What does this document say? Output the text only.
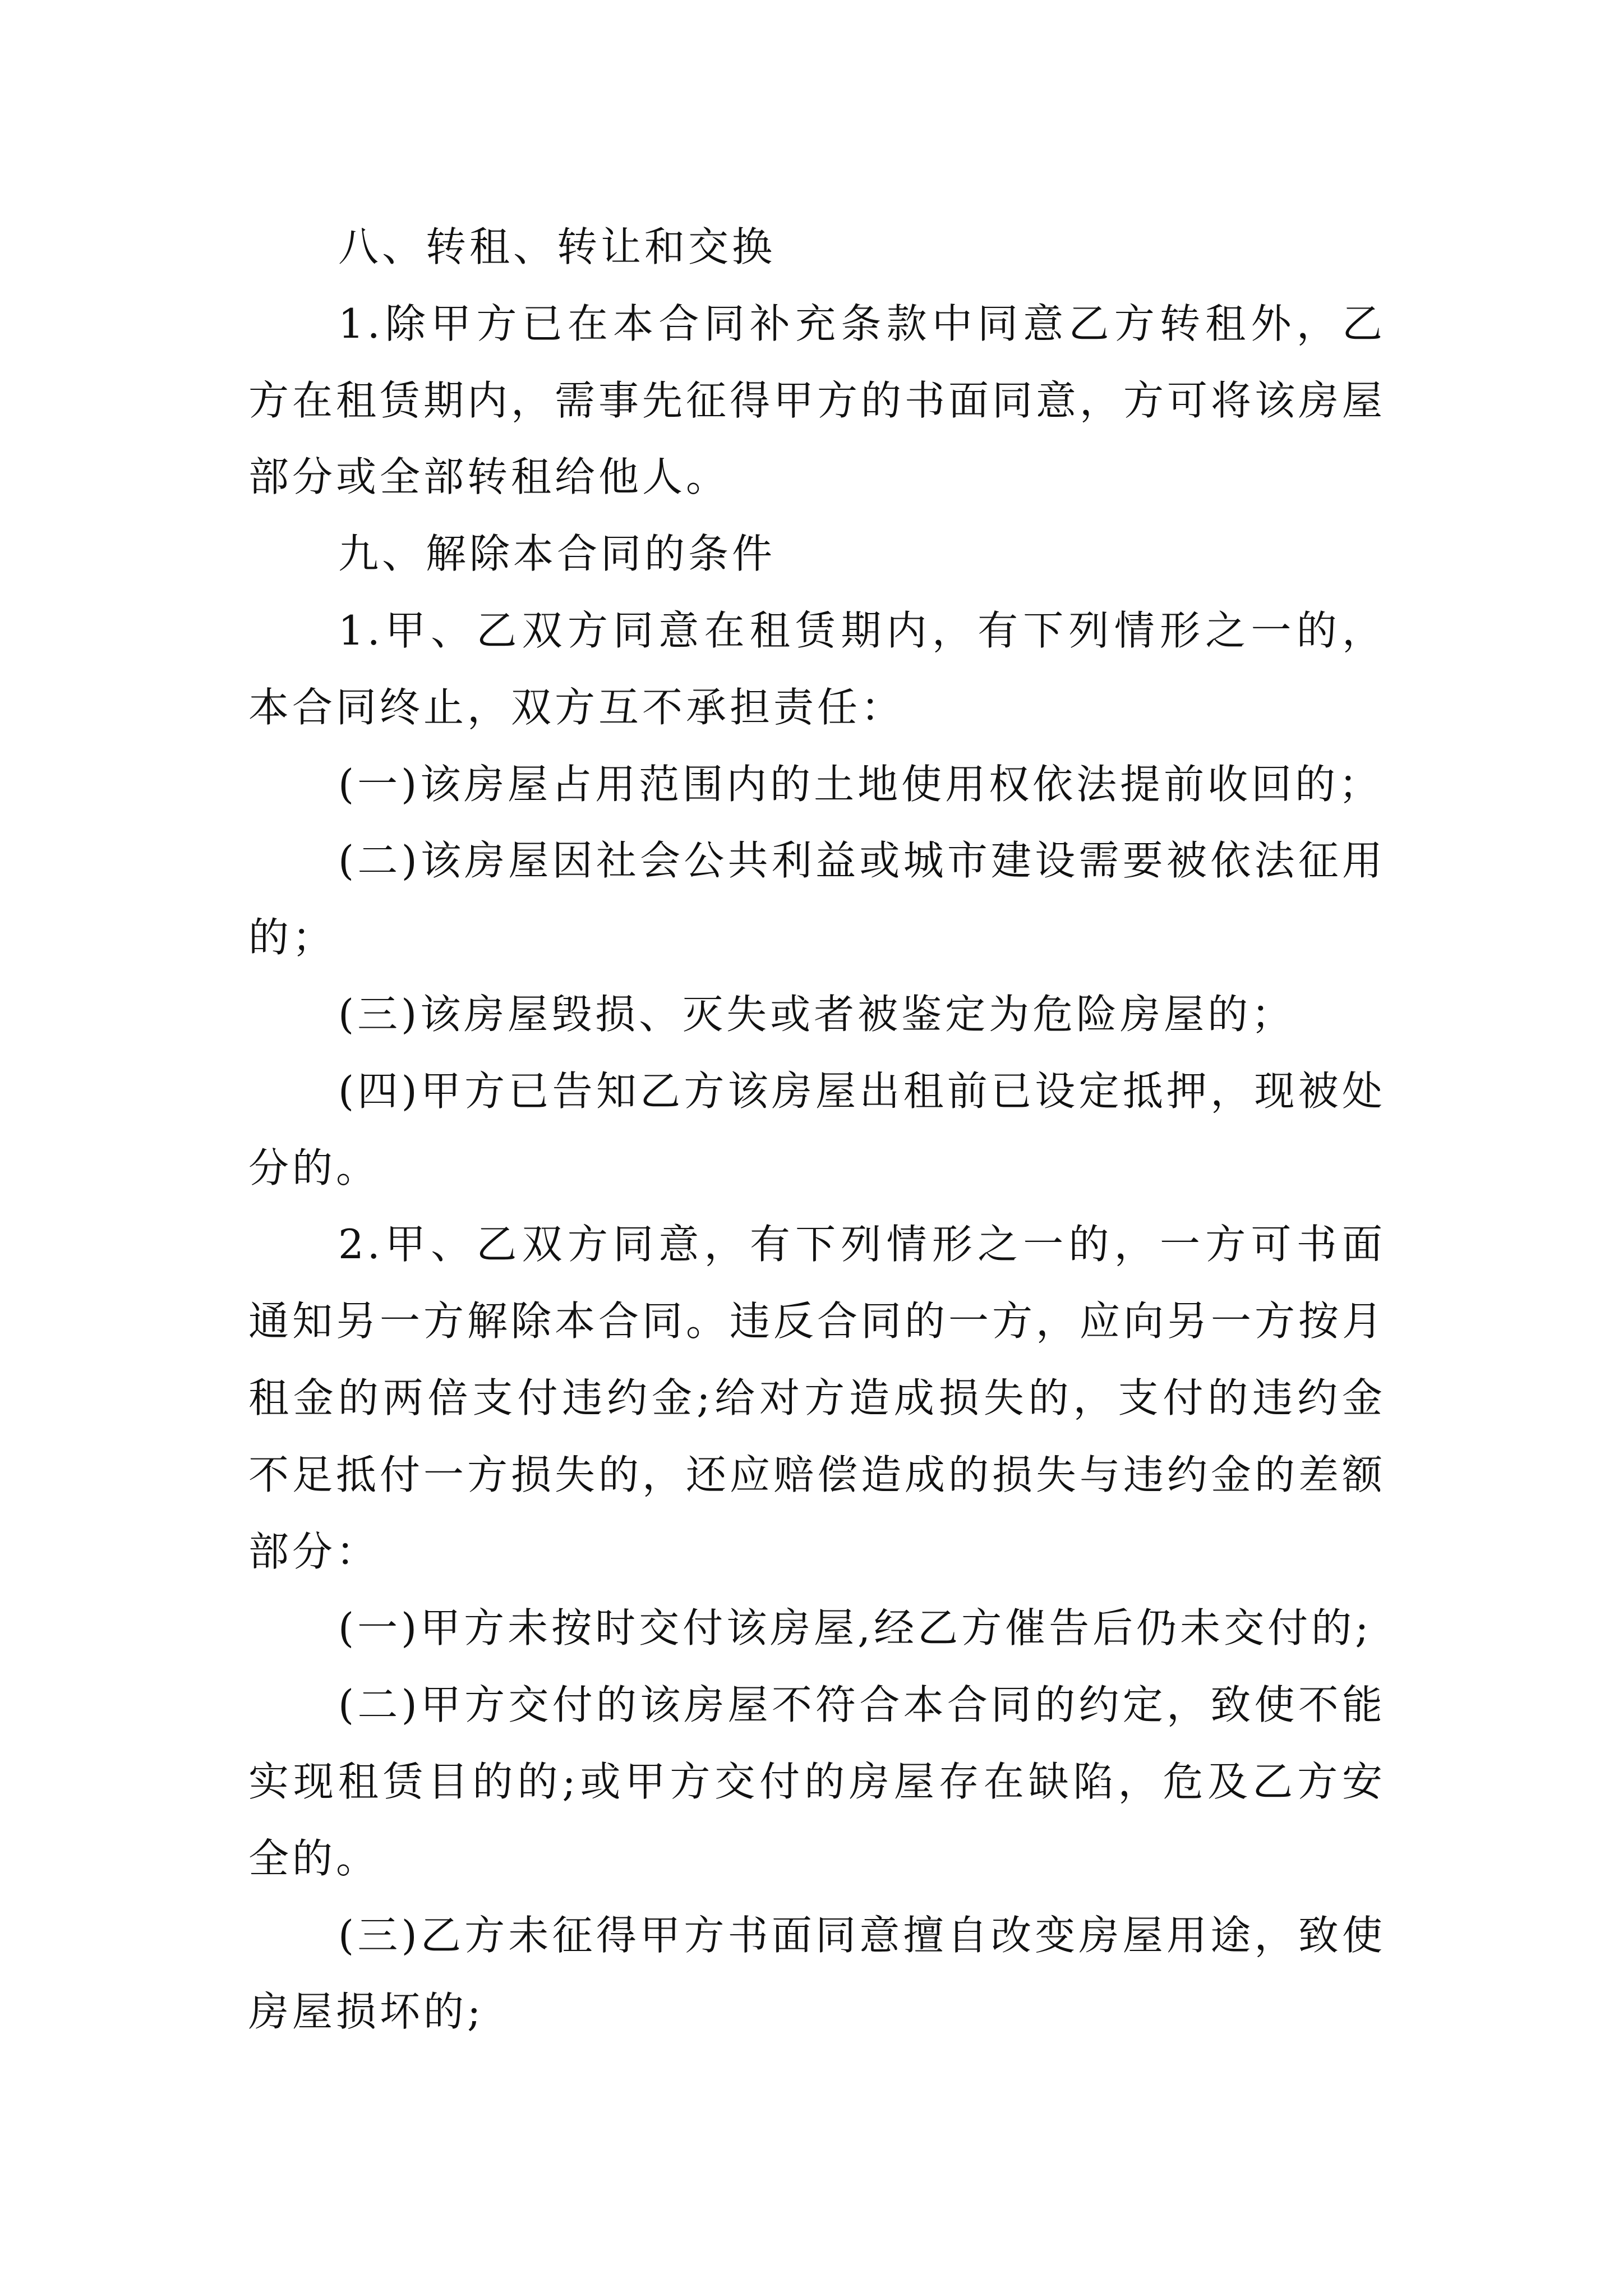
八、转租、转让和交换

1.除甲方已在本合同补充条款中同意乙方转租外，乙方在租赁期内，需事先征得甲方的书面同意，方可将该房屋部分或全部转租给他人。

九、解除本合同的条件

1.甲、乙双方同意在租赁期内，有下列情形之一的，本合同终止，双方互不承担责任：

(一)该房屋占用范围内的土地使用权依法提前收回的；

(二)该房屋因社会公共利益或城市建设需要被依法征用的；

(三)该房屋毁损、灭失或者被鉴定为危险房屋的；

(四)甲方已告知乙方该房屋出租前已设定抵押，现被处分的。

2.甲、乙双方同意，有下列情形之一的，一方可书面通知另一方解除本合同。违反合同的一方，应向另一方按月租金的两倍支付违约金;给对方造成损失的，支付的违约金不足抵付一方损失的，还应赔偿造成的损失与违约金的差额部分：

(一)甲方未按时交付该房屋,经乙方催告后仍未交付的;

(二)甲方交付的该房屋不符合本合同的约定，致使不能实现租赁目的的;或甲方交付的房屋存在缺陷，危及乙方安全的。

(三)乙方未征得甲方书面同意擅自改变房屋用途，致使房屋损坏的;
